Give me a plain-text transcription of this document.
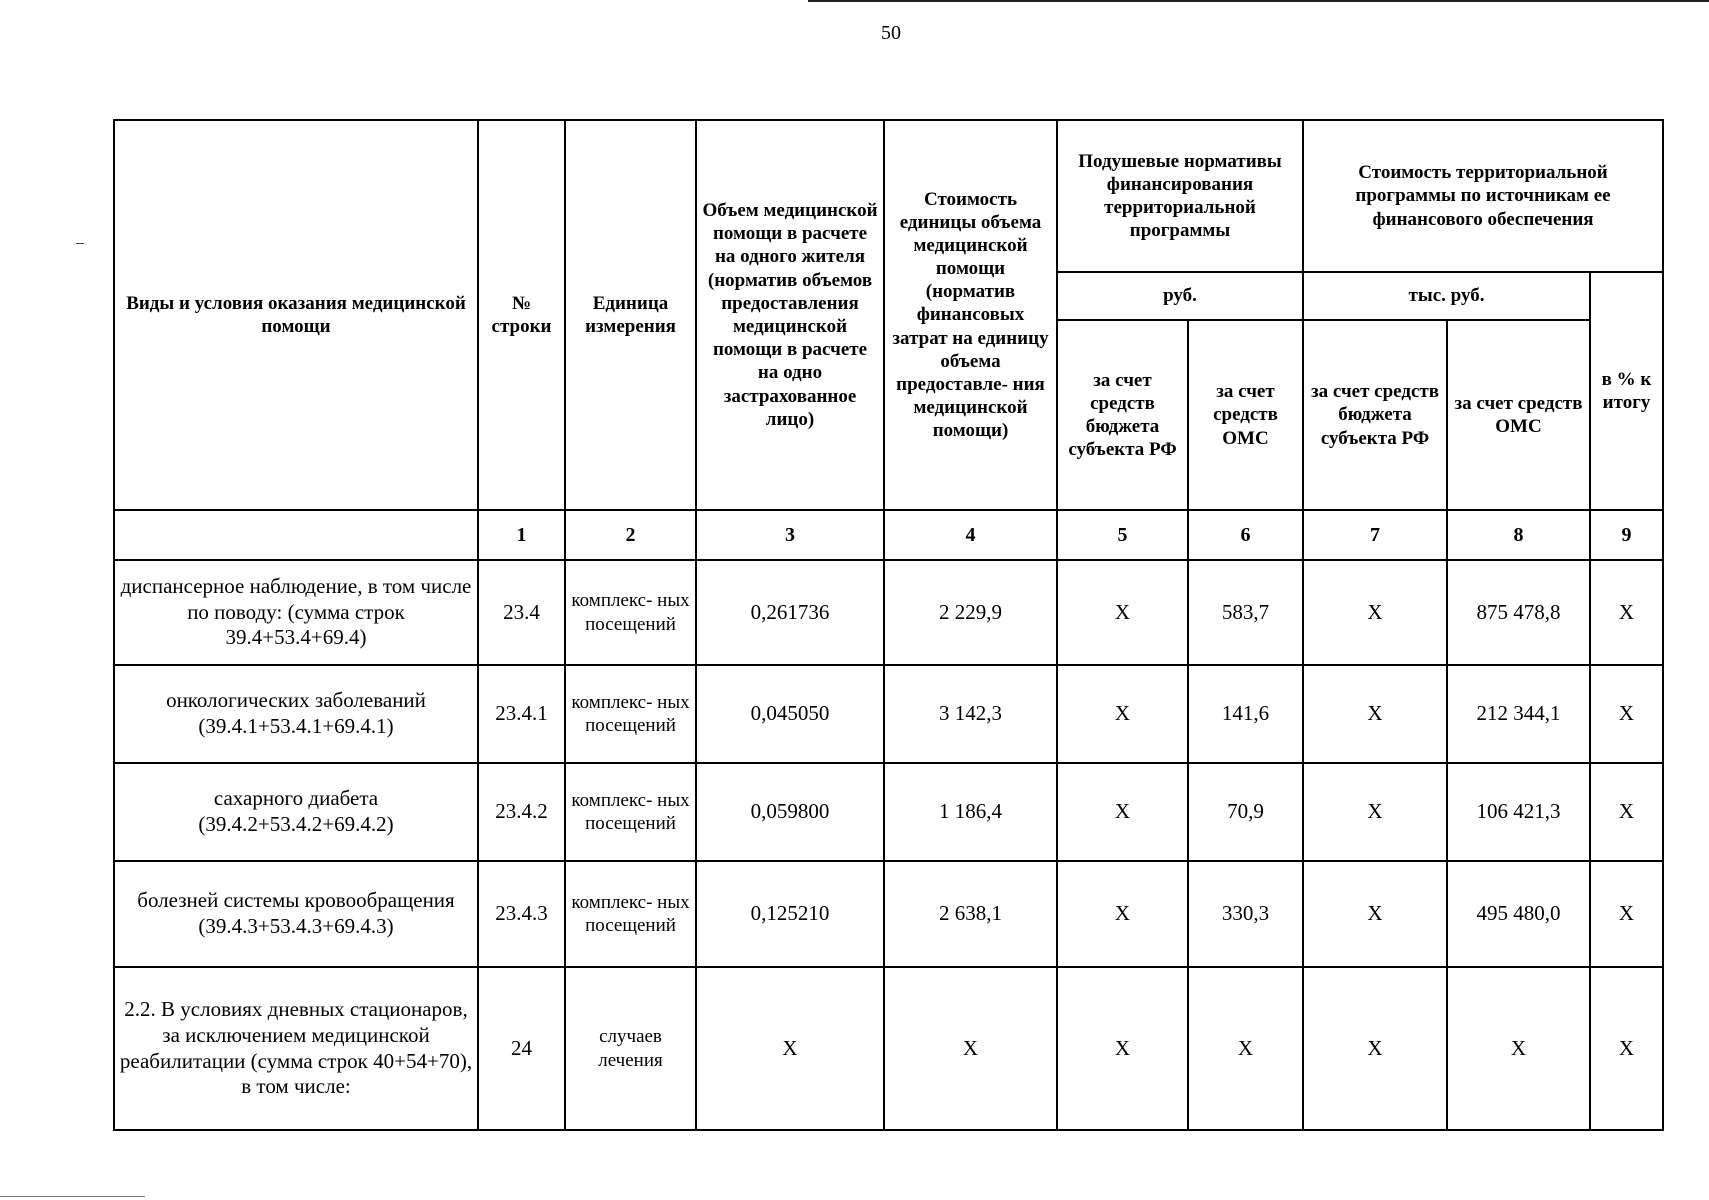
50
Виды и условия оказания медицинской помощи	№ строки	Единица измерения	Объем медицинской помощи в расчете на одного жителя (норматив объемов предоставления медицинской помощи в расчете на одно застрахованное лицо)	Стоимость единицы объема медицинской помощи (норматив финансовых затрат на единицу объема предоставле- ния медицинской помощи)	Подушевые нормативы финансирования территориальной программы		Стоимость территориальной программы по источникам ее финансового обеспечения		
					руб.		тыс. руб.		в % к итогу
					за счет средств бюджета субъекта РФ	за счет средств ОМС	за счет средств бюджета субъекта РФ	за счет средств ОМС	
	1	2	3	4	5	6	7	8	9
диспансерное наблюдение, в том числе по поводу: (сумма строк 39.4+53.4+69.4)	23.4	комплекс- ных посещений	0,261736	2 229,9	X	583,7	X	875 478,8	X
онкологических заболеваний (39.4.1+53.4.1+69.4.1)	23.4.1	комплекс- ных посещений	0,045050	3 142,3	X	141,6	X	212 344,1	X
сахарного диабета (39.4.2+53.4.2+69.4.2)	23.4.2	комплекс- ных посещений	0,059800	1 186,4	X	70,9	X	106 421,3	X
болезней системы кровообращения (39.4.3+53.4.3+69.4.3)	23.4.3	комплекс- ных посещений	0,125210	2 638,1	X	330,3	X	495 480,0	X
2.2. В условиях дневных стационаров, за исключением медицинской реабилитации (сумма строк 40+54+70), в том числе:	24	случаев лечения	X	X	X	X	X	X	X
